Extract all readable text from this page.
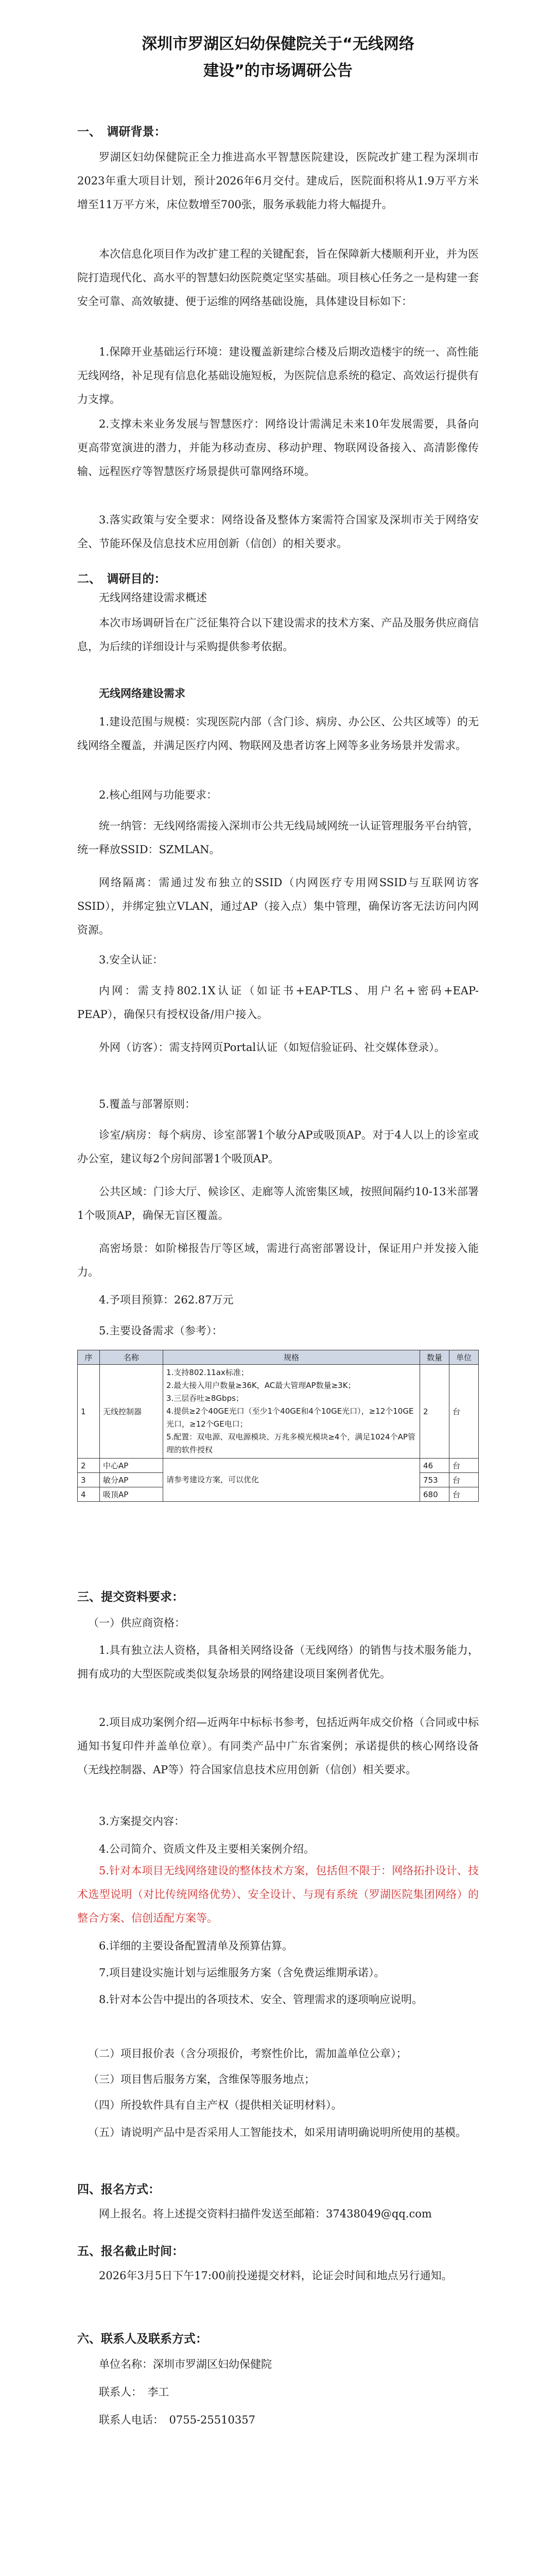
深圳市罗湖区妇幼保健院关于“无线网络
建设”的市场调研公告
一、　调研背景：
罗湖区妇幼保健院正全力推进高水平智慧医院建设，医院改扩建工程为深圳市2023年重大项目计划，预计2026年6月交付。建成后，医院面积将从1.9万平方米增至11万平方米，床位数增至700张，服务承载能力将大幅提升。
本次信息化项目作为改扩建工程的关键配套，旨在保障新大楼顺利开业，并为医院打造现代化、高水平的智慧妇幼医院奠定坚实基础。项目核心任务之一是构建一套安全可靠、高效敏捷、便于运维的网络基础设施，具体建设目标如下：
1.保障开业基础运行环境：建设覆盖新建综合楼及后期改造楼宇的统一、高性能无线网络，补足现有信息化基础设施短板，为医院信息系统的稳定、高效运行提供有力支撑。
2.支撑未来业务发展与智慧医疗：网络设计需满足未来10年发展需要，具备向更高带宽演进的潜力，并能为移动查房、移动护理、物联网设备接入、高清影像传输、远程医疗等智慧医疗场景提供可靠网络环境。
3.落实政策与安全要求：网络设备及整体方案需符合国家及深圳市关于网络安全、节能环保及信息技术应用创新（信创）的相关要求。
二、　调研目的：
无线网络建设需求概述
本次市场调研旨在广泛征集符合以下建设需求的技术方案、产品及服务供应商信息，为后续的详细设计与采购提供参考依据。
无线网络建设需求
1.建设范围与规模：实现医院内部（含门诊、病房、办公区、公共区域等）的无线网络全覆盖，并满足医疗内网、物联网及患者访客上网等多业务场景并发需求。
2.核心组网与功能要求：
统一纳管：无线网络需接入深圳市公共无线局域网统一认证管理服务平台纳管，统一释放SSID：SZMLAN。
网络隔离：需通过发布独立的SSID（内网医疗专用网SSID与互联网访客SSID），并绑定独立VLAN，通过AP（接入点）集中管理，确保访客无法访问内网资源。
3.安全认证：
内网：需支持802.1X认证（如证书+EAP-TLS、用户名+密码+EAP-PEAP），确保只有授权设备/用户接入。
外网（访客）：需支持网页Portal认证（如短信验证码、社交媒体登录）。
5.覆盖与部署原则：
诊室/病房：每个病房、诊室部署1个敏分AP或吸顶AP。对于4人以上的诊室或办公室，建议每2个房间部署1个吸顶AP。
公共区域：门诊大厅、候诊区、走廊等人流密集区域，按照间隔约10-13米部署1个吸顶AP，确保无盲区覆盖。
高密场景：如阶梯报告厅等区域，需进行高密部署设计，保证用户并发接入能力。
4.予项目预算：262.87万元
5.主要设备需求（参考）：
序	名称	规格	数量	单位
1	无线控制器	1.支持802.11ax标准；
2.最大接入用户数量≥36K，AC最大管理AP数量≥3K；
3.三层吞吐≥8Gbps；
4.提供≥2个40GE光口（至少1个40GE和4个10GE光口），≥12个10GE光口，≥12个GE电口；
5.配置：双电源、双电源模块、万兆多模光模块≥4个，满足1024个AP管理的软件授权	2	台
2	中心AP	请参考建设方案，可以优化	46	台
3	敏分AP		753	台
4	吸顶AP		680	台
三、提交资料要求：
（一）供应商资格：
1.具有独立法人资格，具备相关网络设备（无线网络）的销售与技术服务能力，拥有成功的大型医院或类似复杂场景的网络建设项目案例者优先。
2.项目成功案例介绍—近两年中标标书参考，包括近两年成交价格（合同或中标通知书复印件并盖单位章）。有同类产品中广东省案例；承诺提供的核心网络设备（无线控制器、AP等）符合国家信息技术应用创新（信创）相关要求。
3.方案提交内容：
4.公司简介、资质文件及主要相关案例介绍。
5.针对本项目无线网络建设的整体技术方案，包括但不限于：网络拓扑设计、技术选型说明（对比传统网络优势）、安全设计、与现有系统（罗湖医院集团网络）的整合方案、信创适配方案等。
6.详细的主要设备配置清单及预算估算。
7.项目建设实施计划与运维服务方案（含免费运维期承诺）。
8.针对本公告中提出的各项技术、安全、管理需求的逐项响应说明。
（二）项目报价表（含分项报价，考察性价比，需加盖单位公章）；
（三）项目售后服务方案，含维保等服务地点；
（四）所投软件具有自主产权（提供相关证明材料）。
（五）请说明产品中是否采用人工智能技术，如采用请明确说明所使用的基模。
四、报名方式：
网上报名。将上述提交资料扫描件发送至邮箱：37438049@qq.com
五、报名截止时间：
2026年3月5日下午17:00前投递提交材料，论证会时间和地点另行通知。
六、联系人及联系方式：
单位名称：深圳市罗湖区妇幼保健院
联系人：　李工
联系人电话：　0755-25510357
